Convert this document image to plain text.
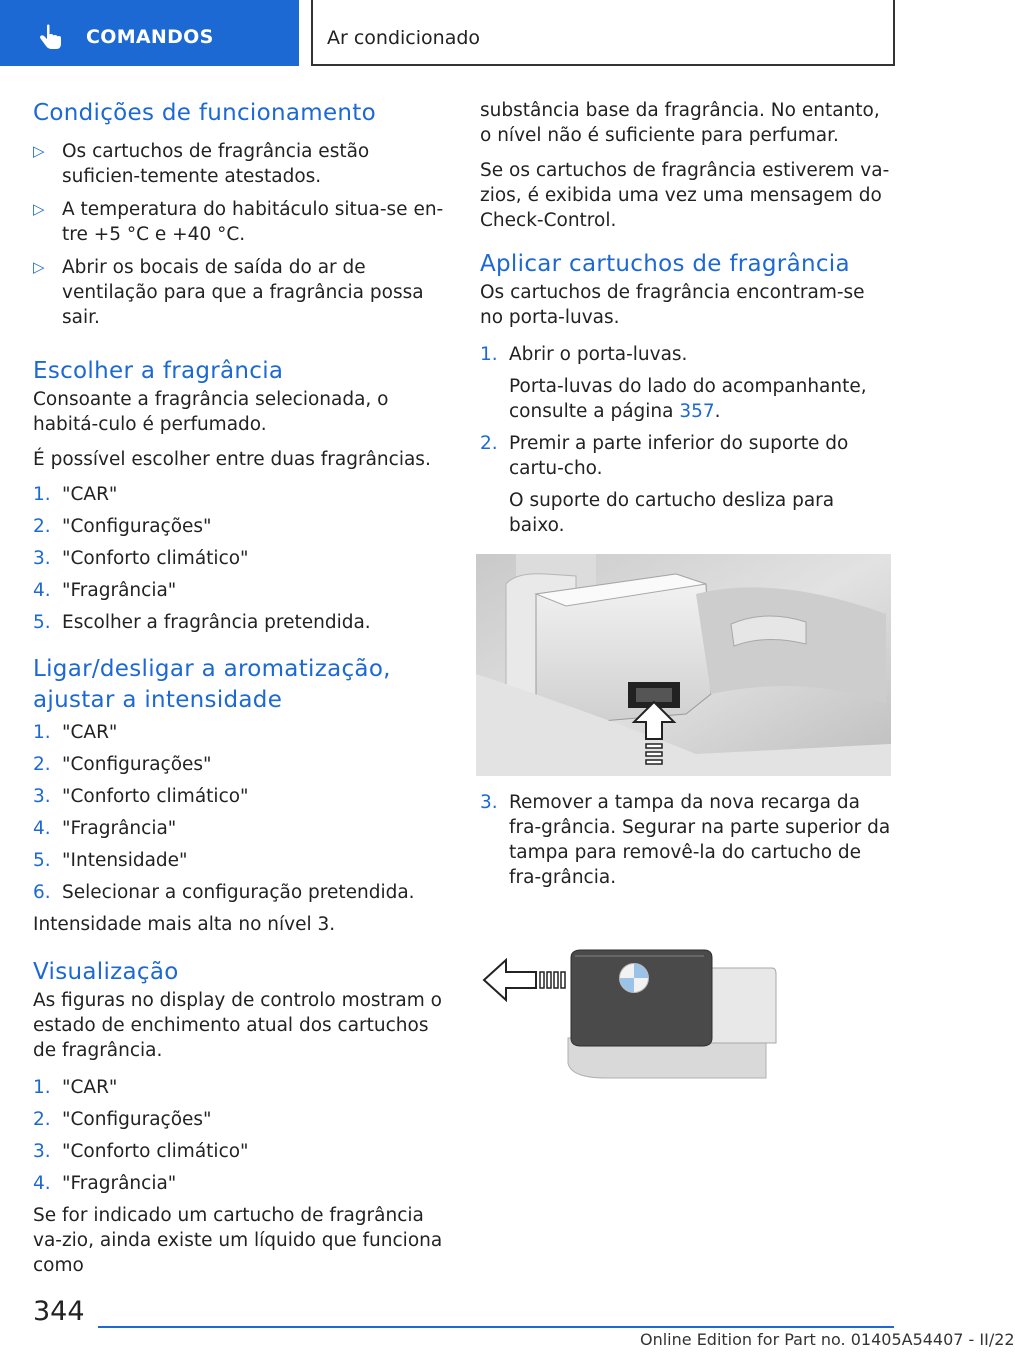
COMANDOS	Ar condicionado
Condições de funcionamento
▷ Os cartuchos de fragrância estão suficien-temente atestados.
▷ A temperatura do habitáculo situa-se en-tre +5 °C e +40 °C.
▷ Abrir os bocais de saída do ar de ventilação para que a fragrância possa sair.
Escolher a fragrância

Consoante a fragrância selecionada, o habitá-culo é perfumado.

É possível escolher entre duas fragrâncias.

1. "CAR"
2. "Configurações"
3. "Conforto climático"
4. "Fragrância"
5. Escolher a fragrância pretendida.
Ligar/desligar a aromatização, ajustar a intensidade
1. "CAR"
2. "Configurações"
3. "Conforto climático"
4. "Fragrância"
5. "Intensidade"
6. Selecionar a configuração pretendida.

Intensidade mais alta no nível 3.

Visualização

As figuras no display de controlo mostram o estado de enchimento atual dos cartuchos de fragrância.

1. "CAR"
2. "Configurações"
3. "Conforto climático"
4. "Fragrância"

Se for indicado um cartucho de fragrância va-zio, ainda existe um líquido que funciona como

substância base da fragrância. No entanto, o nível não é suficiente para perfumar.

Se os cartuchos de fragrância estiverem va-zios, é exibida uma vez uma mensagem do Check-Control.

Aplicar cartuchos de fragrância

Os cartuchos de fragrância encontram-se no porta-luvas.

1. Abrir o porta-luvas.
Porta-luvas do lado do acompanhante, consulte a página 357.
2. Premir a parte inferior do suporte do cartu-cho.
O suporte do cartucho desliza para baixo.
3. Remover a tampa da nova recarga da fra-grância. Segurar na parte superior da tampa para removê-la do cartucho de fra-grância.
344
Online Edition for Part no. 01405A54407 - II/22
